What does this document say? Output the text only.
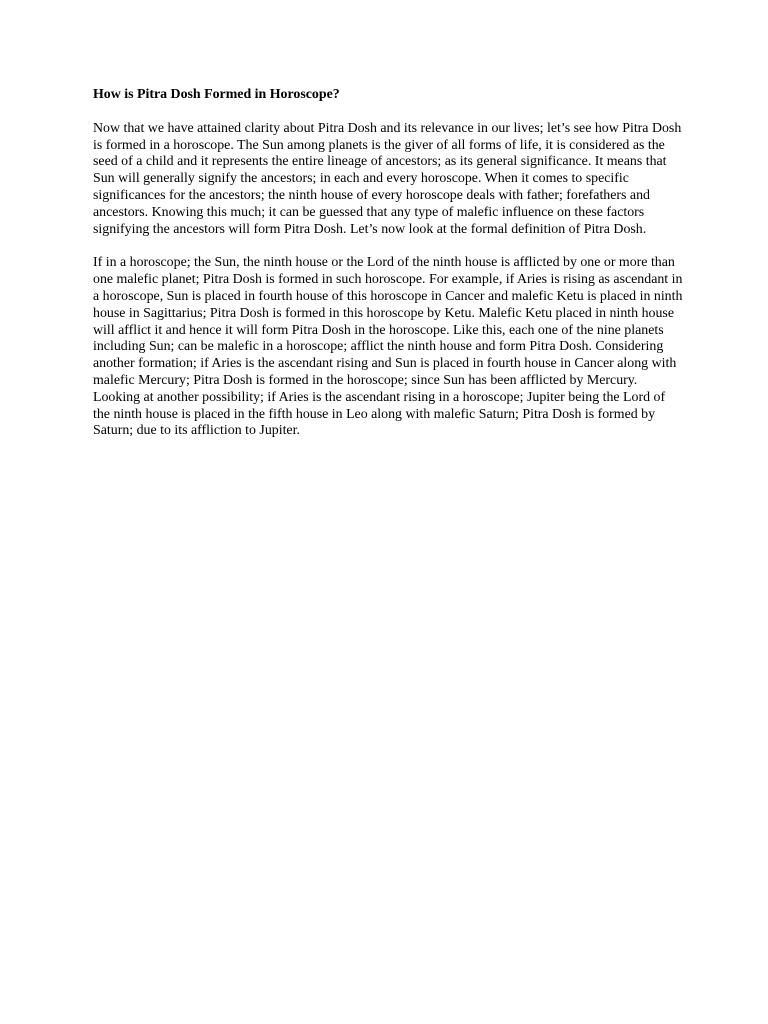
How is Pitra Dosh Formed in Horoscope?

Now that we have attained clarity about Pitra Dosh and its relevance in our lives; let’s see how Pitra Dosh is formed in a horoscope. The Sun among planets is the giver of all forms of life, it is considered as the seed of a child and it represents the entire lineage of ancestors; as its general significance. It means that Sun will generally signify the ancestors; in each and every horoscope. When it comes to specific significances for the ancestors; the ninth house of every horoscope deals with father; forefathers and ancestors. Knowing this much; it can be guessed that any type of malefic influence on these factors signifying the ancestors will form Pitra Dosh. Let’s now look at the formal definition of Pitra Dosh.

If in a horoscope; the Sun, the ninth house or the Lord of the ninth house is afflicted by one or more than one malefic planet; Pitra Dosh is formed in such horoscope. For example, if Aries is rising as ascendant in a horoscope, Sun is placed in fourth house of this horoscope in Cancer and malefic Ketu is placed in ninth house in Sagittarius; Pitra Dosh is formed in this horoscope by Ketu. Malefic Ketu placed in ninth house will afflict it and hence it will form Pitra Dosh in the horoscope. Like this, each one of the nine planets including Sun; can be malefic in a horoscope; afflict the ninth house and form Pitra Dosh. Considering another formation; if Aries is the ascendant rising and Sun is placed in fourth house in Cancer along with malefic Mercury; Pitra Dosh is formed in the horoscope; since Sun has been afflicted by Mercury. Looking at another possibility; if Aries is the ascendant rising in a horoscope; Jupiter being the Lord of the ninth house is placed in the fifth house in Leo along with malefic Saturn; Pitra Dosh is formed by Saturn; due to its affliction to Jupiter.
